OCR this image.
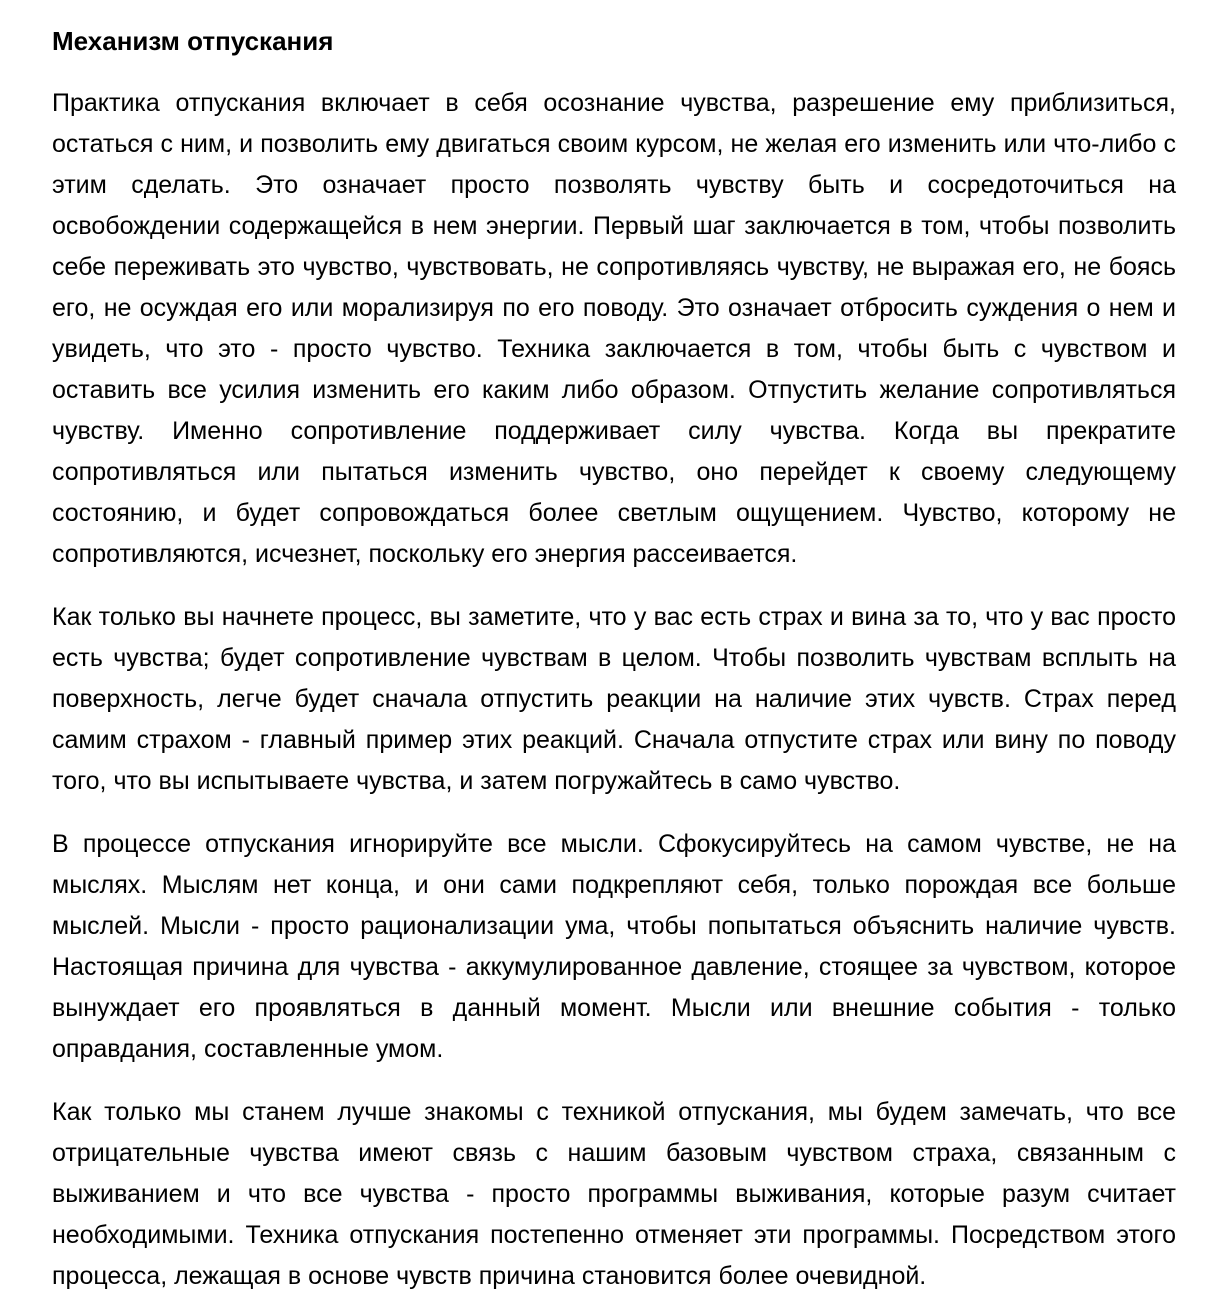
Механизм отпускания

Практика отпускания включает в себя осознание чувства, разрешение ему приблизиться, остаться с ним, и позволить ему двигаться своим курсом, не желая его изменить или что-либо с этим сделать. Это означает просто позволять чувству быть и сосредоточиться на освобождении содержащейся в нем энергии. Первый шаг заключается в том, чтобы позволить себе переживать это чувство, чувствовать, не сопротивляясь чувству, не выражая его, не боясь его, не осуждая его или морализируя по его поводу. Это означает отбросить суждения о нем и увидеть, что это - просто чувство. Техника заключается в том, чтобы быть с чувством и оставить все усилия изменить его каким либо образом. Отпустить желание сопротивляться чувству. Именно сопротивление поддерживает силу чувства. Когда вы прекратите сопротивляться или пытаться изменить чувство, оно перейдет к своему следующему состоянию, и будет сопровождаться более светлым ощущением. Чувство, которому не сопротивляются, исчезнет, поскольку его энергия рассеивается.

Как только вы начнете процесс, вы заметите, что у вас есть страх и вина за то, что у вас просто есть чувства; будет сопротивление чувствам в целом. Чтобы позволить чувствам всплыть на поверхность, легче будет сначала отпустить реакции на наличие этих чувств. Страх перед самим страхом - главный пример этих реакций. Сначала отпустите страх или вину по поводу того, что вы испытываете чувства, и затем погружайтесь в само чувство.

В процессе отпускания игнорируйте все мысли. Сфокусируйтесь на самом чувстве, не на мыслях. Мыслям нет конца, и они сами подкрепляют себя, только порождая все больше мыслей. Мысли - просто рационализации ума, чтобы попытаться объяснить наличие чувств. Настоящая причина для чувства - аккумулированное давление, стоящее за чувством, которое вынуждает его проявляться в данный момент. Мысли или внешние события - только оправдания, составленные умом.

Как только мы станем лучше знакомы с техникой отпускания, мы будем замечать, что все отрицательные чувства имеют связь с нашим базовым чувством страха, связанным с выживанием и что все чувства - просто программы выживания, которые разум считает необходимыми. Техника отпускания постепенно отменяет эти программы. Посредством этого процесса, лежащая в основе чувств причина становится более очевидной.
